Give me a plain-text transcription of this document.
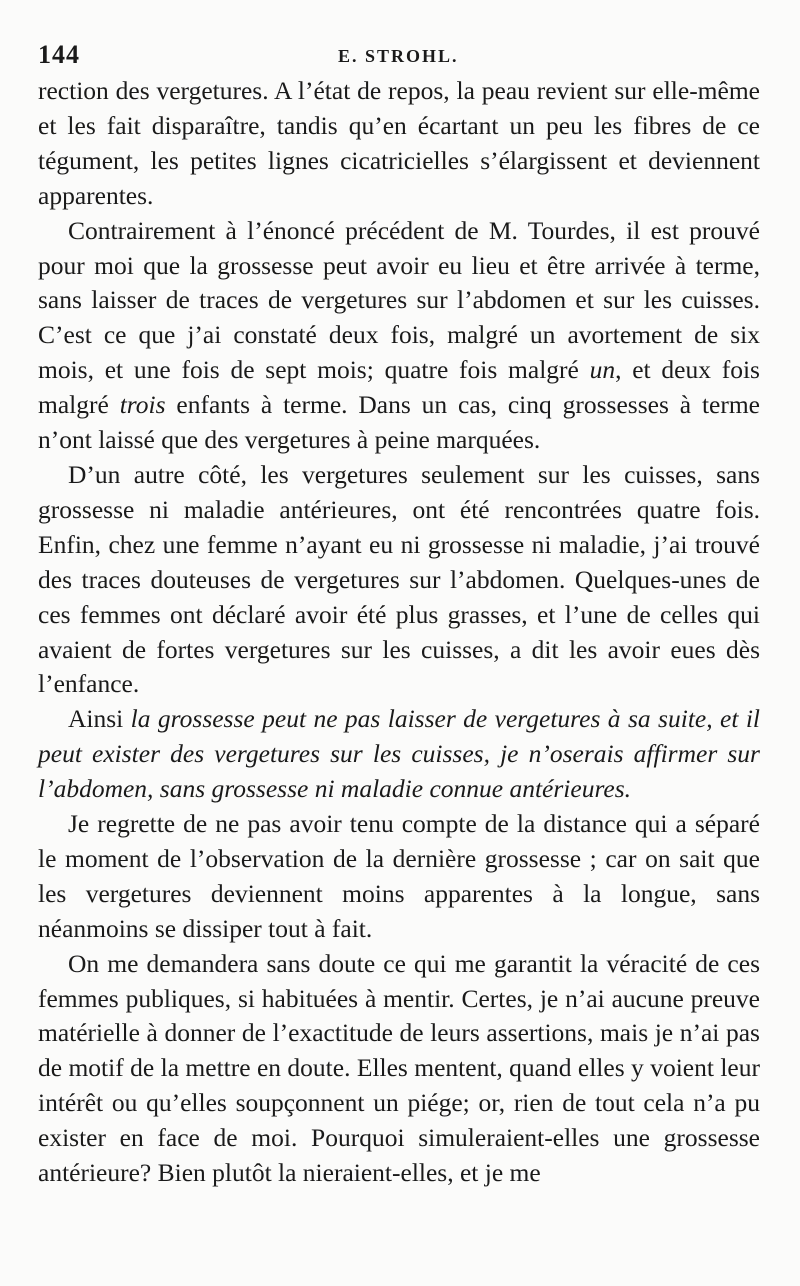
144	E. STROHL.

rection des vergetures. A l’état de repos, la peau revient sur elle-même et les fait disparaître, tandis qu’en écartant un peu les fibres de ce tégument, les petites lignes cicatricielles s’élargissent et deviennent apparentes.

Contrairement à l’énoncé précédent de M. Tourdes, il est prouvé pour moi que la grossesse peut avoir eu lieu et être arrivée à terme, sans laisser de traces de vergetures sur l’abdomen et sur les cuisses. C’est ce que j’ai constaté deux fois, malgré un avortement de six mois, et une fois de sept mois; quatre fois malgré un, et deux fois malgré trois enfants à terme. Dans un cas, cinq grossesses à terme n’ont laissé que des vergetures à peine marquées.

D’un autre côté, les vergetures seulement sur les cuisses, sans grossesse ni maladie antérieures, ont été rencontrées quatre fois. Enfin, chez une femme n’ayant eu ni grossesse ni maladie, j’ai trouvé des traces douteuses de vergetures sur l’abdomen. Quelques-unes de ces femmes ont déclaré avoir été plus grasses, et l’une de celles qui avaient de fortes vergetures sur les cuisses, a dit les avoir eues dès l’enfance.

Ainsi la grossesse peut ne pas laisser de vergetures à sa suite, et il peut exister des vergetures sur les cuisses, je n’oserais affirmer sur l’abdomen, sans grossesse ni maladie connue antérieures.

Je regrette de ne pas avoir tenu compte de la distance qui a séparé le moment de l’observation de la dernière grossesse ; car on sait que les vergetures deviennent moins apparentes à la longue, sans néanmoins se dissiper tout à fait.

On me demandera sans doute ce qui me garantit la véracité de ces femmes publiques, si habituées à mentir. Certes, je n’ai aucune preuve matérielle à donner de l’exactitude de leurs assertions, mais je n’ai pas de motif de la mettre en doute. Elles mentent, quand elles y voient leur intérêt ou qu’elles soupçonnent un piége; or, rien de tout cela n’a pu exister en face de moi. Pourquoi simuleraient-elles une grossesse antérieure? Bien plutôt la nieraient-elles, et je me
